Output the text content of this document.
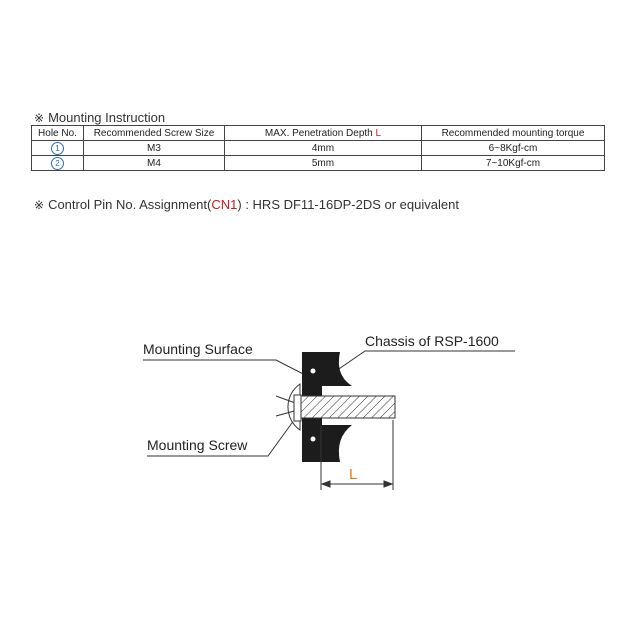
※ Mounting Instruction
Hole No.	Recommended Screw Size	MAX. Penetration Depth L	Recommended mounting torque
1	M3	4mm	6~8Kgf-cm
2	M4	5mm	7~10Kgf-cm
※ Control Pin No. Assignment(CN1) : HRS DF11-16DP-2DS or equivalent
Mounting Surface	Chassis of RSP-1600
Mounting Screw
L
